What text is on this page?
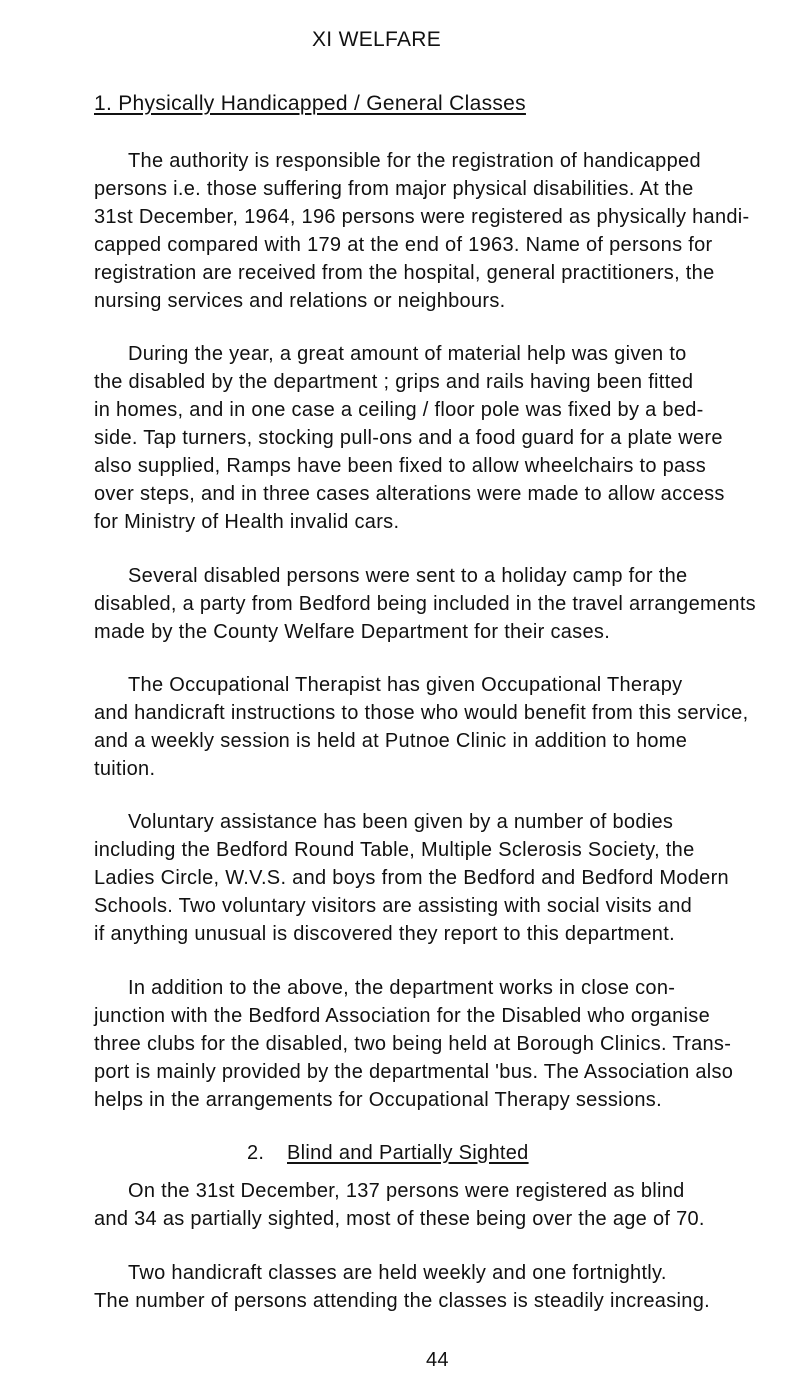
XI WELFARE
1. Physically Handicapped / General Classes
The authority is responsible for the registration of handicapped
persons i.e. those suffering from major physical disabilities. At the
31st December, 1964, 196 persons were registered as physically handi-
capped compared with 179 at the end of 1963. Name of persons for
registration are received from the hospital, general practitioners, the
nursing services and relations or neighbours.
During the year, a great amount of material help was given to
the disabled by the department ; grips and rails having been fitted
in homes, and in one case a ceiling / floor pole was fixed by a bed-
side. Tap turners, stocking pull-ons and a food guard for a plate were
also supplied, Ramps have been fixed to allow wheelchairs to pass
over steps, and in three cases alterations were made to allow access
for Ministry of Health invalid cars.
Several disabled persons were sent to a holiday camp for the
disabled, a party from Bedford being included in the travel arrangements
made by the County Welfare Department for their cases.
The Occupational Therapist has given Occupational Therapy
and handicraft instructions to those who would benefit from this service,
and a weekly session is held at Putnoe Clinic in addition to home
tuition.
Voluntary assistance has been given by a number of bodies
including the Bedford Round Table, Multiple Sclerosis Society, the
Ladies Circle, W.V.S. and boys from the Bedford and Bedford Modern
Schools. Two voluntary visitors are assisting with social visits and
if anything unusual is discovered they report to this department.
In addition to the above, the department works in close con-
junction with the Bedford Association for the Disabled who organise
three clubs for the disabled, two being held at Borough Clinics. Trans-
port is mainly provided by the departmental 'bus. The Association also
helps in the arrangements for Occupational Therapy sessions.
2. Blind and Partially Sighted
On the 31st December, 137 persons were registered as blind
and 34 as partially sighted, most of these being over the age of 70.
Two handicraft classes are held weekly and one fortnightly.
The number of persons attending the classes is steadily increasing.
44
